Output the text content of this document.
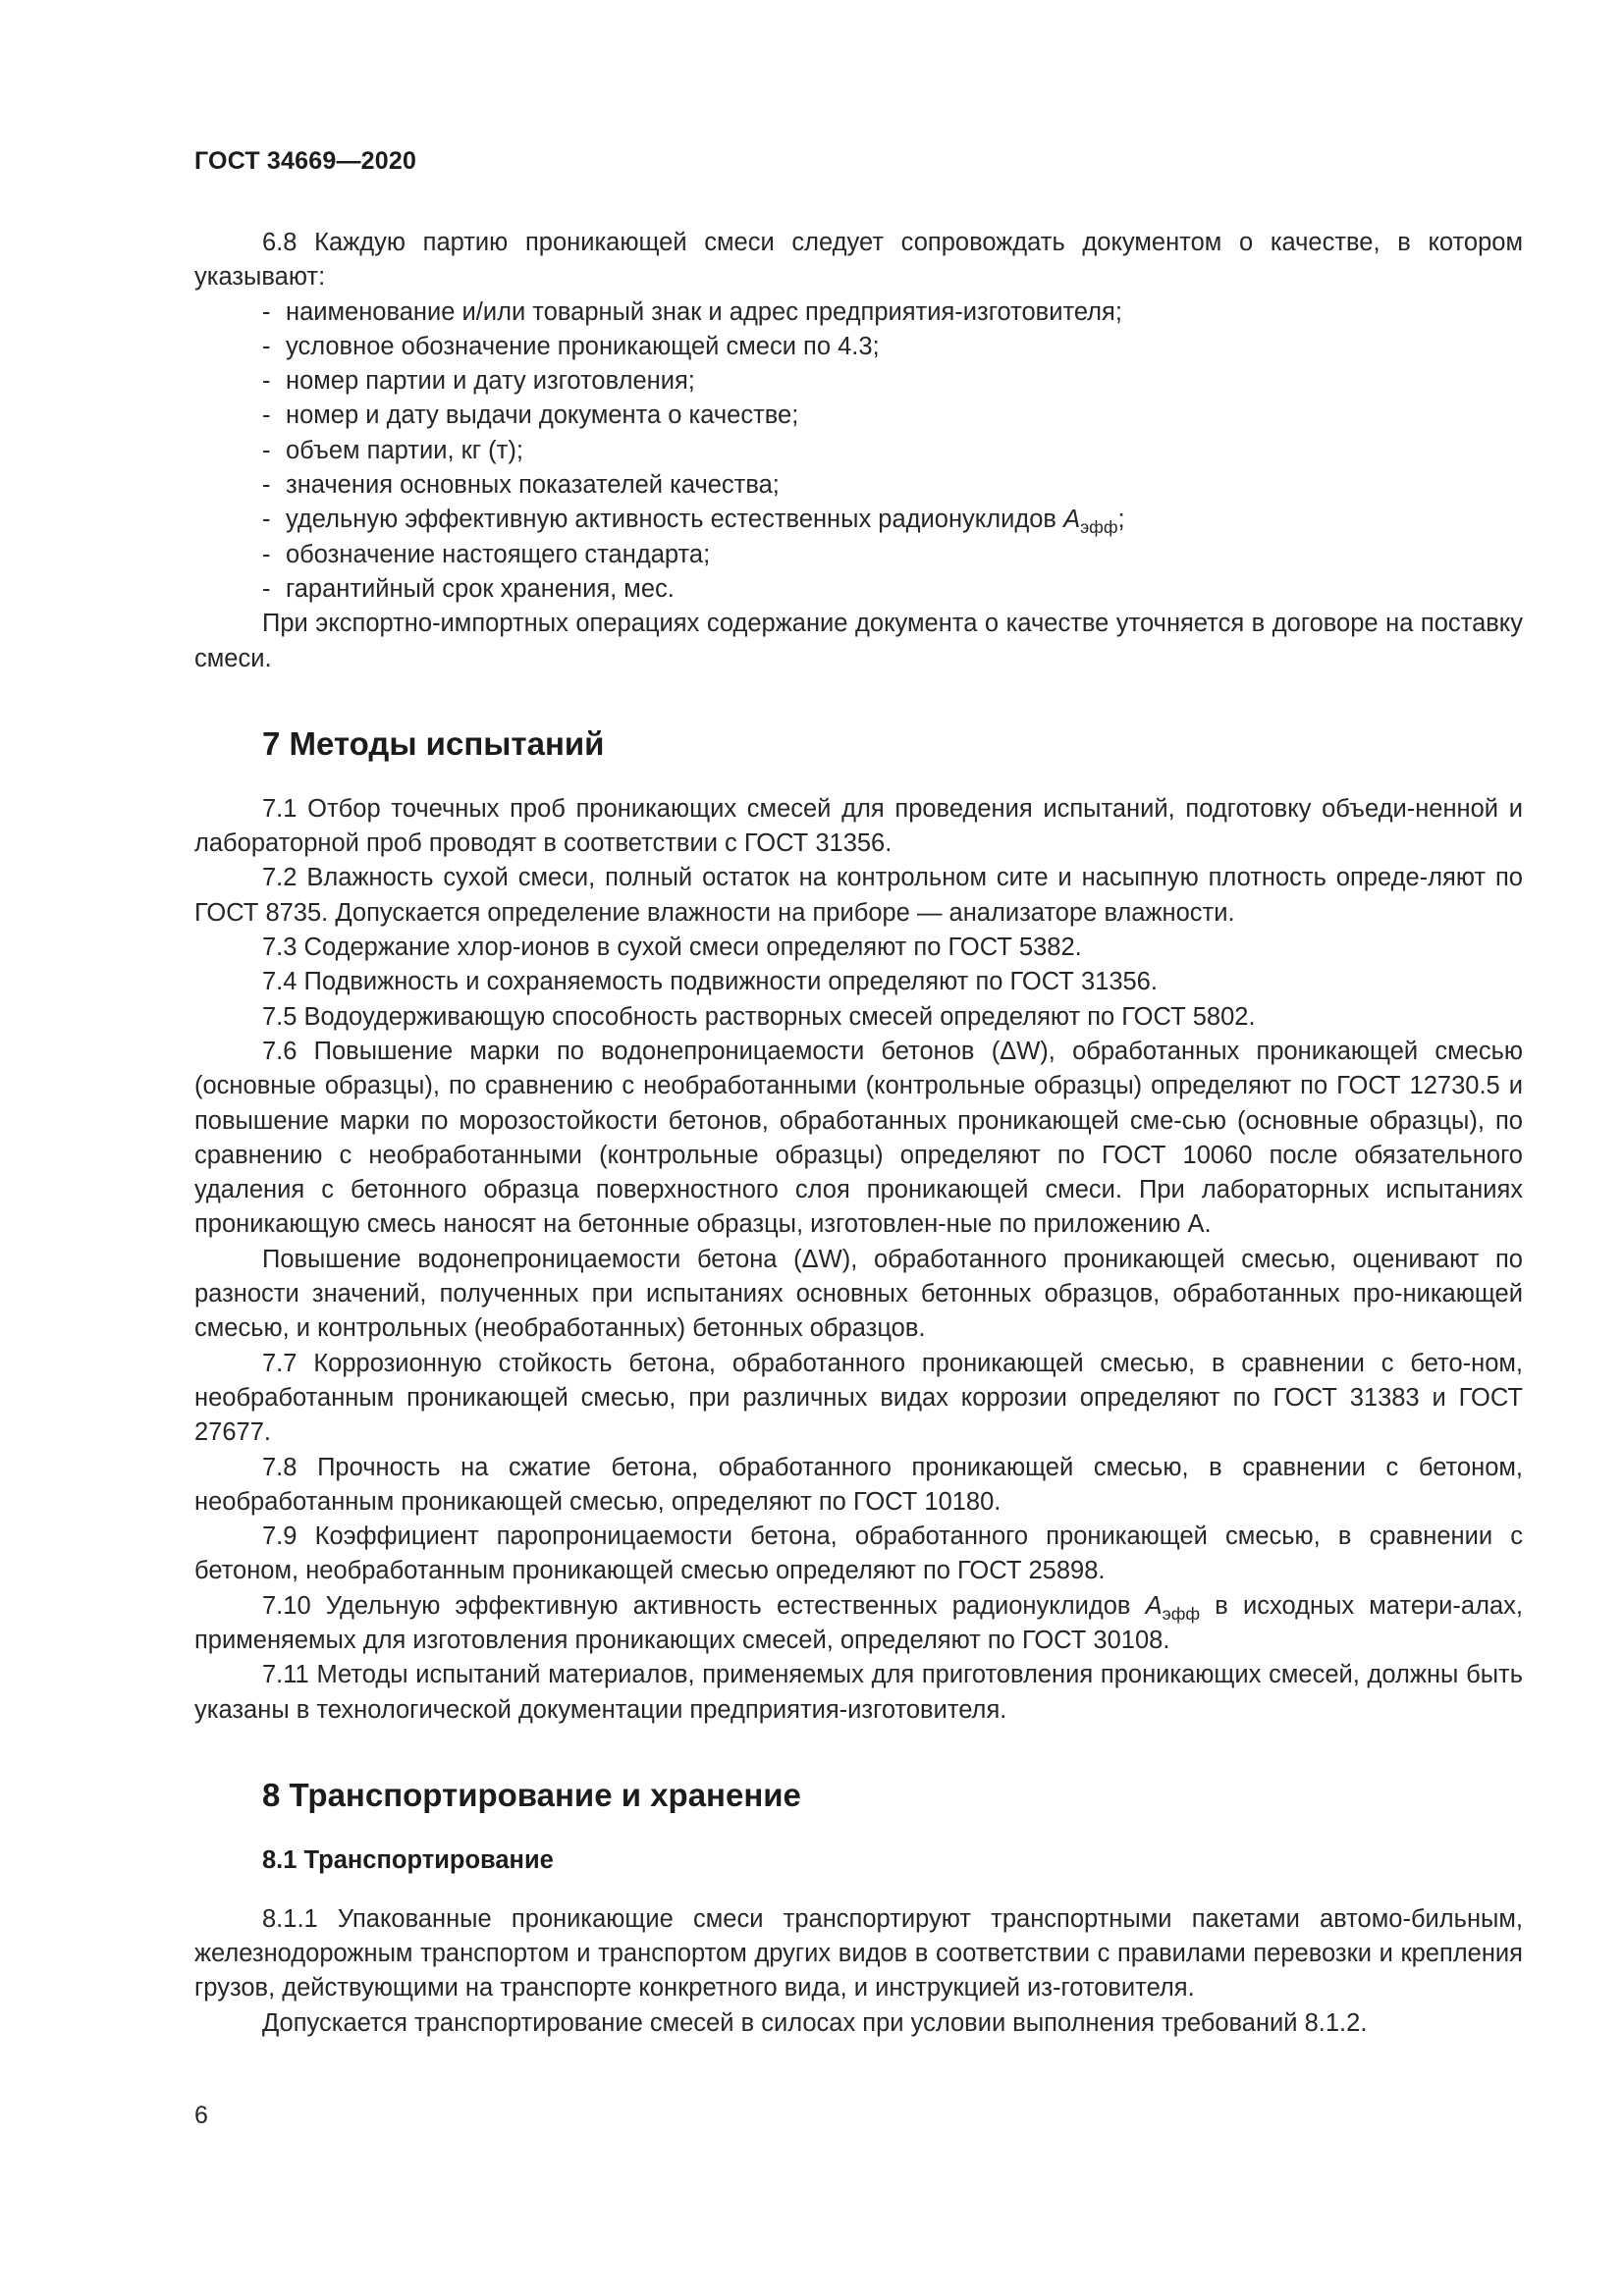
ГОСТ 34669—2020

6.8 Каждую партию проникающей смеси следует сопровождать документом о качестве, в котором указывают:

- наименование и/или товарный знак и адрес предприятия-изготовителя;
- условное обозначение проникающей смеси по 4.3;
- номер партии и дату изготовления;
- номер и дату выдачи документа о качестве;
- объем партии, кг (т);
- значения основных показателей качества;
- удельную эффективную активность естественных радионуклидов $A_{эфф}$;
- обозначение настоящего стандарта;
- гарантийный срок хранения, мес.

При экспортно-импортных операциях содержание документа о качестве уточняется в договоре на поставку смеси.

7 Методы испытаний

7.1 Отбор точечных проб проникающих смесей для проведения испытаний, подготовку объеди-ненной и лабораторной проб проводят в соответствии с ГОСТ 31356.

7.2 Влажность сухой смеси, полный остаток на контрольном сите и насыпную плотность опреде-ляют по ГОСТ 8735. Допускается определение влажности на приборе — анализаторе влажности.

7.3 Содержание хлор-ионов в сухой смеси определяют по ГОСТ 5382.

7.4 Подвижность и сохраняемость подвижности определяют по ГОСТ 31356.

7.5 Водоудерживающую способность растворных смесей определяют по ГОСТ 5802.

7.6 Повышение марки по водонепроницаемости бетонов (ΔW), обработанных проникающей смесью (основные образцы), по сравнению с необработанными (контрольные образцы) определяют по ГОСТ 12730.5 и повышение марки по морозостойкости бетонов, обработанных проникающей сме-сью (основные образцы), по сравнению с необработанными (контрольные образцы) определяют по ГОСТ 10060 после обязательного удаления с бетонного образца поверхностного слоя проникающей смеси. При лабораторных испытаниях проникающую смесь наносят на бетонные образцы, изготовлен-ные по приложению А.

Повышение водонепроницаемости бетона (ΔW), обработанного проникающей смесью, оценивают по разности значений, полученных при испытаниях основных бетонных образцов, обработанных про-никающей смесью, и контрольных (необработанных) бетонных образцов.

7.7 Коррозионную стойкость бетона, обработанного проникающей смесью, в сравнении с бето-ном, необработанным проникающей смесью, при различных видах коррозии определяют по ГОСТ 31383 и ГОСТ 27677.

7.8 Прочность на сжатие бетона, обработанного проникающей смесью, в сравнении с бетоном, необработанным проникающей смесью, определяют по ГОСТ 10180.

7.9 Коэффициент паропроницаемости бетона, обработанного проникающей смесью, в сравнении с бетоном, необработанным проникающей смесью определяют по ГОСТ 25898.

7.10 Удельную эффективную активность естественных радионуклидов $A_{эфф}$ в исходных матери-алах, применяемых для изготовления проникающих смесей, определяют по ГОСТ 30108.

7.11 Методы испытаний материалов, применяемых для приготовления проникающих смесей, должны быть указаны в технологической документации предприятия-изготовителя.

8 Транспортирование и хранение
8.1 Транспортирование

8.1.1 Упакованные проникающие смеси транспортируют транспортными пакетами автомо-бильным, железнодорожным транспортом и транспортом других видов в соответствии с правилами перевозки и крепления грузов, действующими на транспорте конкретного вида, и инструкцией из-готовителя.

Допускается транспортирование смесей в силосах при условии выполнения требований 8.1.2.

6
